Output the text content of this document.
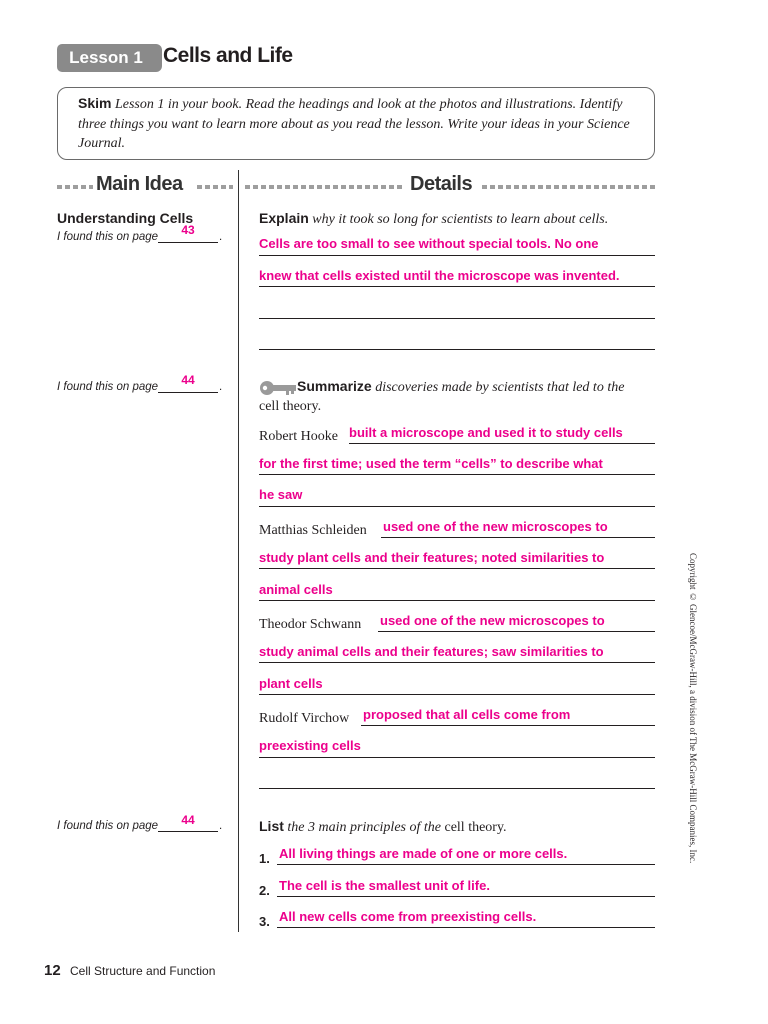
Lesson 1 Cells and Life
Skim Lesson 1 in your book. Read the headings and look at the photos and illustrations. Identify three things you want to learn more about as you read the lesson. Write your ideas in your Science Journal.
Main Idea	Details
Understanding Cells
I found this on page	43	.
I found this on page	44	.
I found this on page	44	.
Explain why it took so long for scientists to learn about cells.
Cells are too small to see without special tools. No one
knew that cells existed until the microscope was invented.
Summarize discoveries made by scientists that led to the
cell theory.
Robert Hooke built a microscope and used it to study cells
for the first time; used the term “cells” to describe what
he saw
Matthias Schleiden used one of the new microscopes to
study plant cells and their features; noted similarities to
animal cells
Theodor Schwann used one of the new microscopes to
study animal cells and their features; saw similarities to
plant cells
Rudolf Virchow proposed that all cells come from
preexisting cells
List the 3 main principles of the cell theory.
1. All living things are made of one or more cells.
2. The cell is the smallest unit of life.
3. All new cells come from preexisting cells.
Copyright © Glencoe/McGraw-Hill, a division of The McGraw-Hill Companies, Inc.
12 Cell Structure and Function
